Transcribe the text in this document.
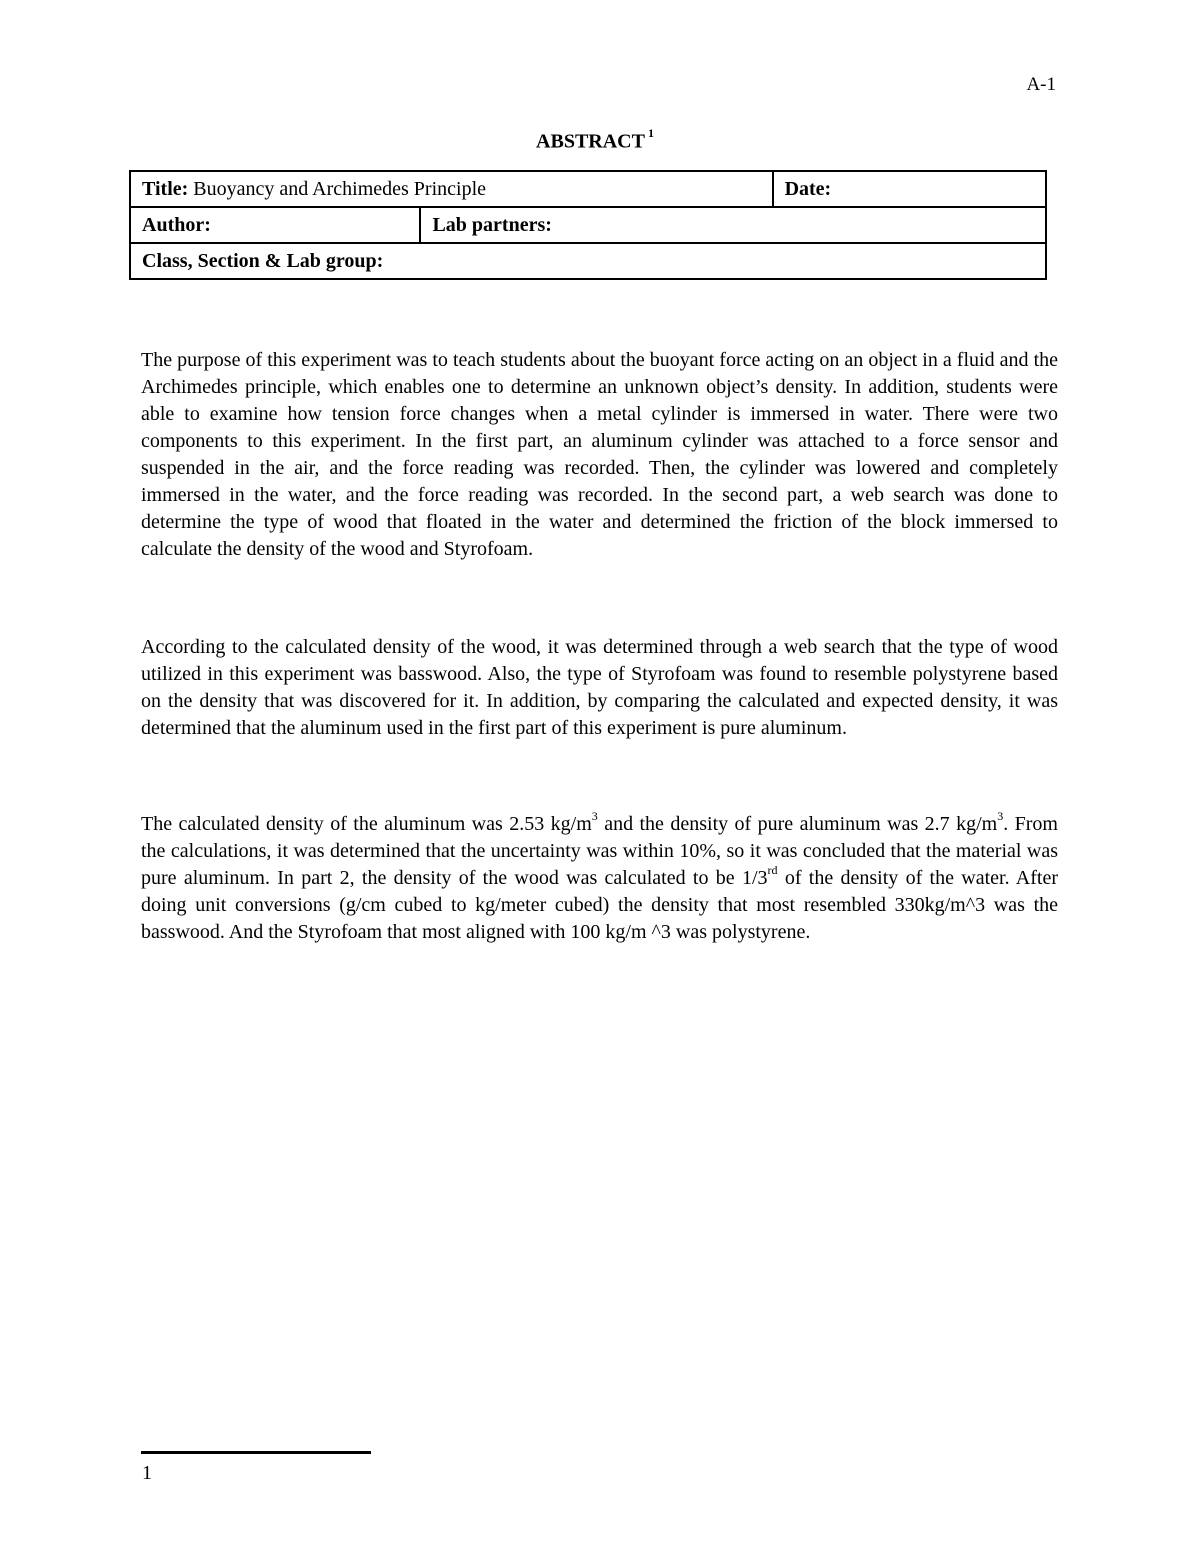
A-1
ABSTRACT $^1$
Title: Buoyancy and Archimedes Principle		Date:
Author:	Lab partners:	
Class, Section & Lab group:		

The purpose of this experiment was to teach students about the buoyant force acting on an object in a fluid and the Archimedes principle, which enables one to determine an unknown object’s density. In addition, students were able to examine how tension force changes when a metal cylinder is immersed in water. There were two components to this experiment. In the first part, an aluminum cylinder was attached to a force sensor and suspended in the air, and the force reading was recorded. Then, the cylinder was lowered and completely immersed in the water, and the force reading was recorded. In the second part, a web search was done to determine the type of wood that floated in the water and determined the friction of the block immersed to calculate the density of the wood and Styrofoam.

According to the calculated density of the wood, it was determined through a web search that the type of wood utilized in this experiment was basswood. Also, the type of Styrofoam was found to resemble polystyrene based on the density that was discovered for it. In addition, by comparing the calculated and expected density, it was determined that the aluminum used in the first part of this experiment is pure aluminum.

The calculated density of the aluminum was 2.53 $kg/m^3$ and the density of pure aluminum was 2.7 $kg/m^3$. From the calculations, it was determined that the uncertainty was within 10%, so it was concluded that the material was pure aluminum. In part 2, the density of the wood was calculated to be 1/3rd of the density of the water. After doing unit conversions (g/cm cubed to kg/meter cubed) the density that most resembled 330kg/m^3 was the basswood. And the Styrofoam that most aligned with 100 kg/m ^3 was polystyrene.

1
